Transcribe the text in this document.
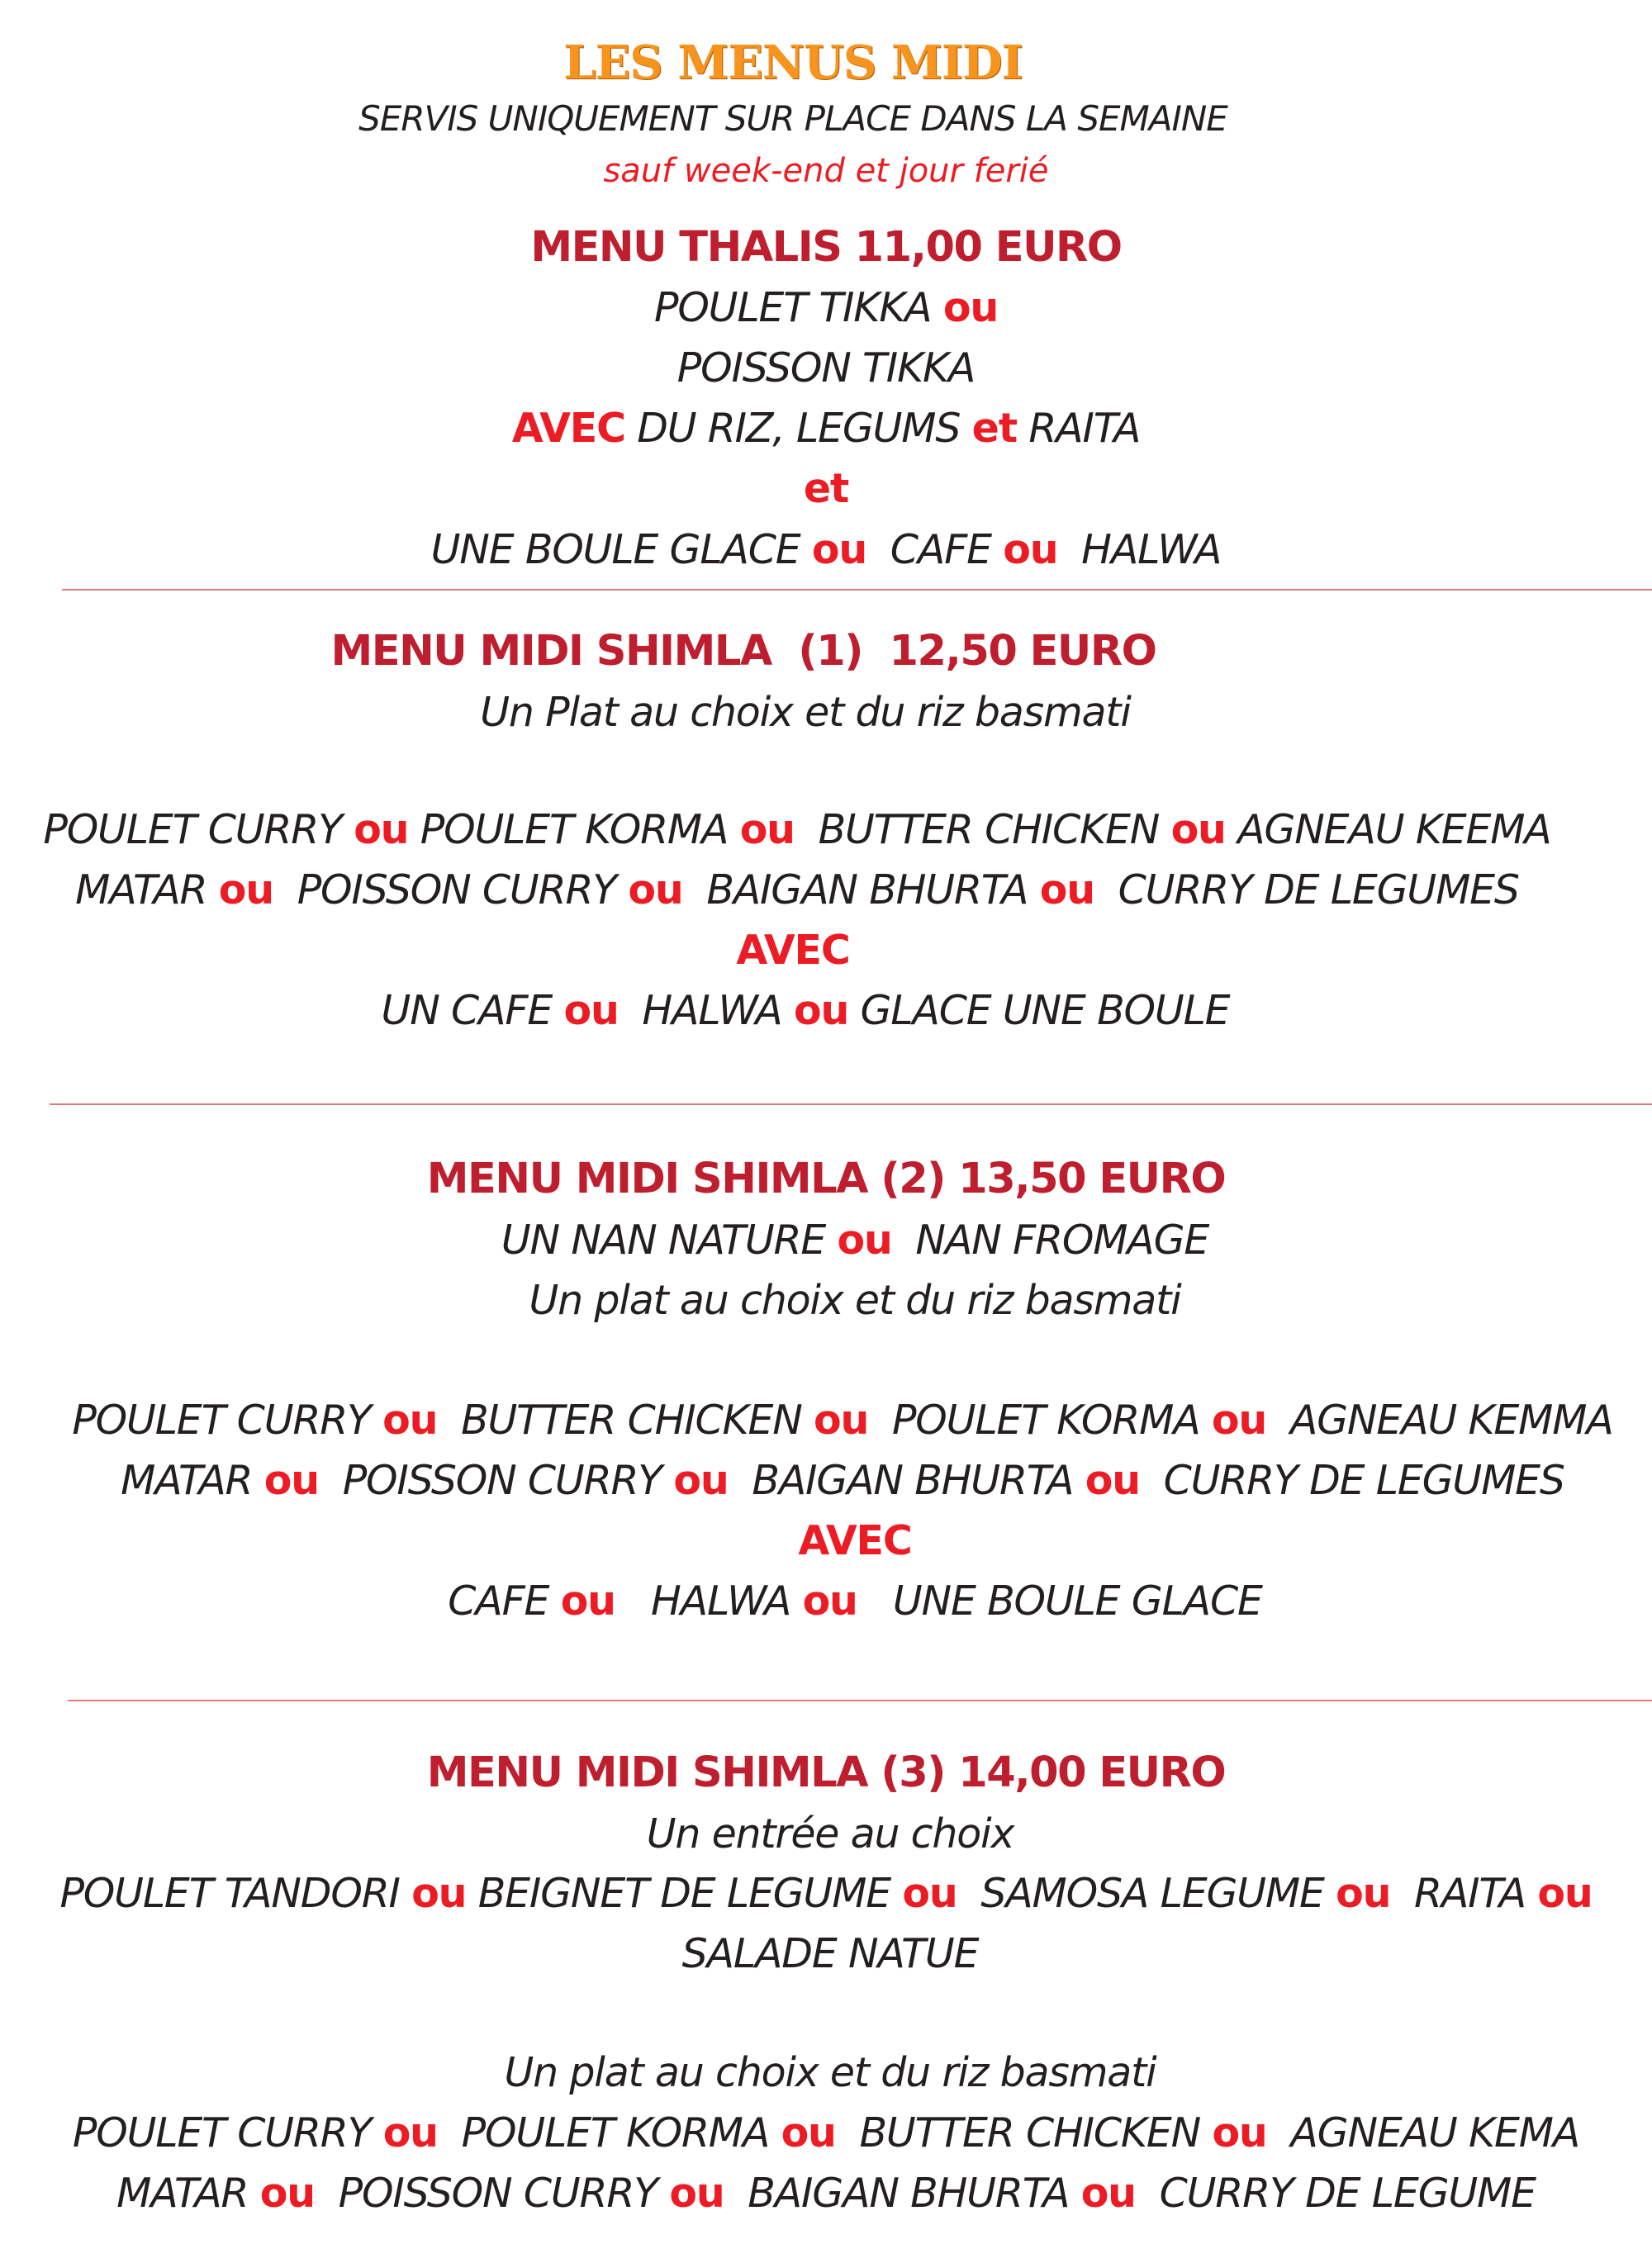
LES MENUS MIDI
SERVIS UNIQUEMENT SUR PLACE DANS LA SEMAINE
sauf week-end et jour ferié
MENU THALIS 11,00 EURO
POULET TIKKA ou
POISSON TIKKA
AVEC DU RIZ, LEGUMS et RAITA
et
UNE BOULE GLACE ou  CAFE ou  HALWA
MENU MIDI SHIMLA  (1)  12,50 EURO
Un Plat au choix et du riz basmati
POULET CURRY ou POULET KORMA ou  BUTTER CHICKEN ou AGNEAU KEEMA
MATAR ou  POISSON CURRY ou  BAIGAN BHURTA ou  CURRY DE LEGUMES
AVEC
UN CAFE ou  HALWA ou GLACE UNE BOULE
MENU MIDI SHIMLA (2) 13,50 EURO
UN NAN NATURE ou  NAN FROMAGE
Un plat au choix et du riz basmati
POULET CURRY ou  BUTTER CHICKEN ou  POULET KORMA ou  AGNEAU KEMMA
MATAR ou  POISSON CURRY ou  BAIGAN BHURTA ou  CURRY DE LEGUMES
AVEC
CAFE ou   HALWA ou   UNE BOULE GLACE
MENU MIDI SHIMLA (3) 14,00 EURO
Un entrée au choix
POULET TANDORI ou BEIGNET DE LEGUME ou  SAMOSA LEGUME ou  RAITA ou
SALADE NATUE
Un plat au choix et du riz basmati
POULET CURRY ou  POULET KORMA ou  BUTTER CHICKEN ou  AGNEAU KEMA
MATAR ou  POISSON CURRY ou  BAIGAN BHURTA ou  CURRY DE LEGUME
